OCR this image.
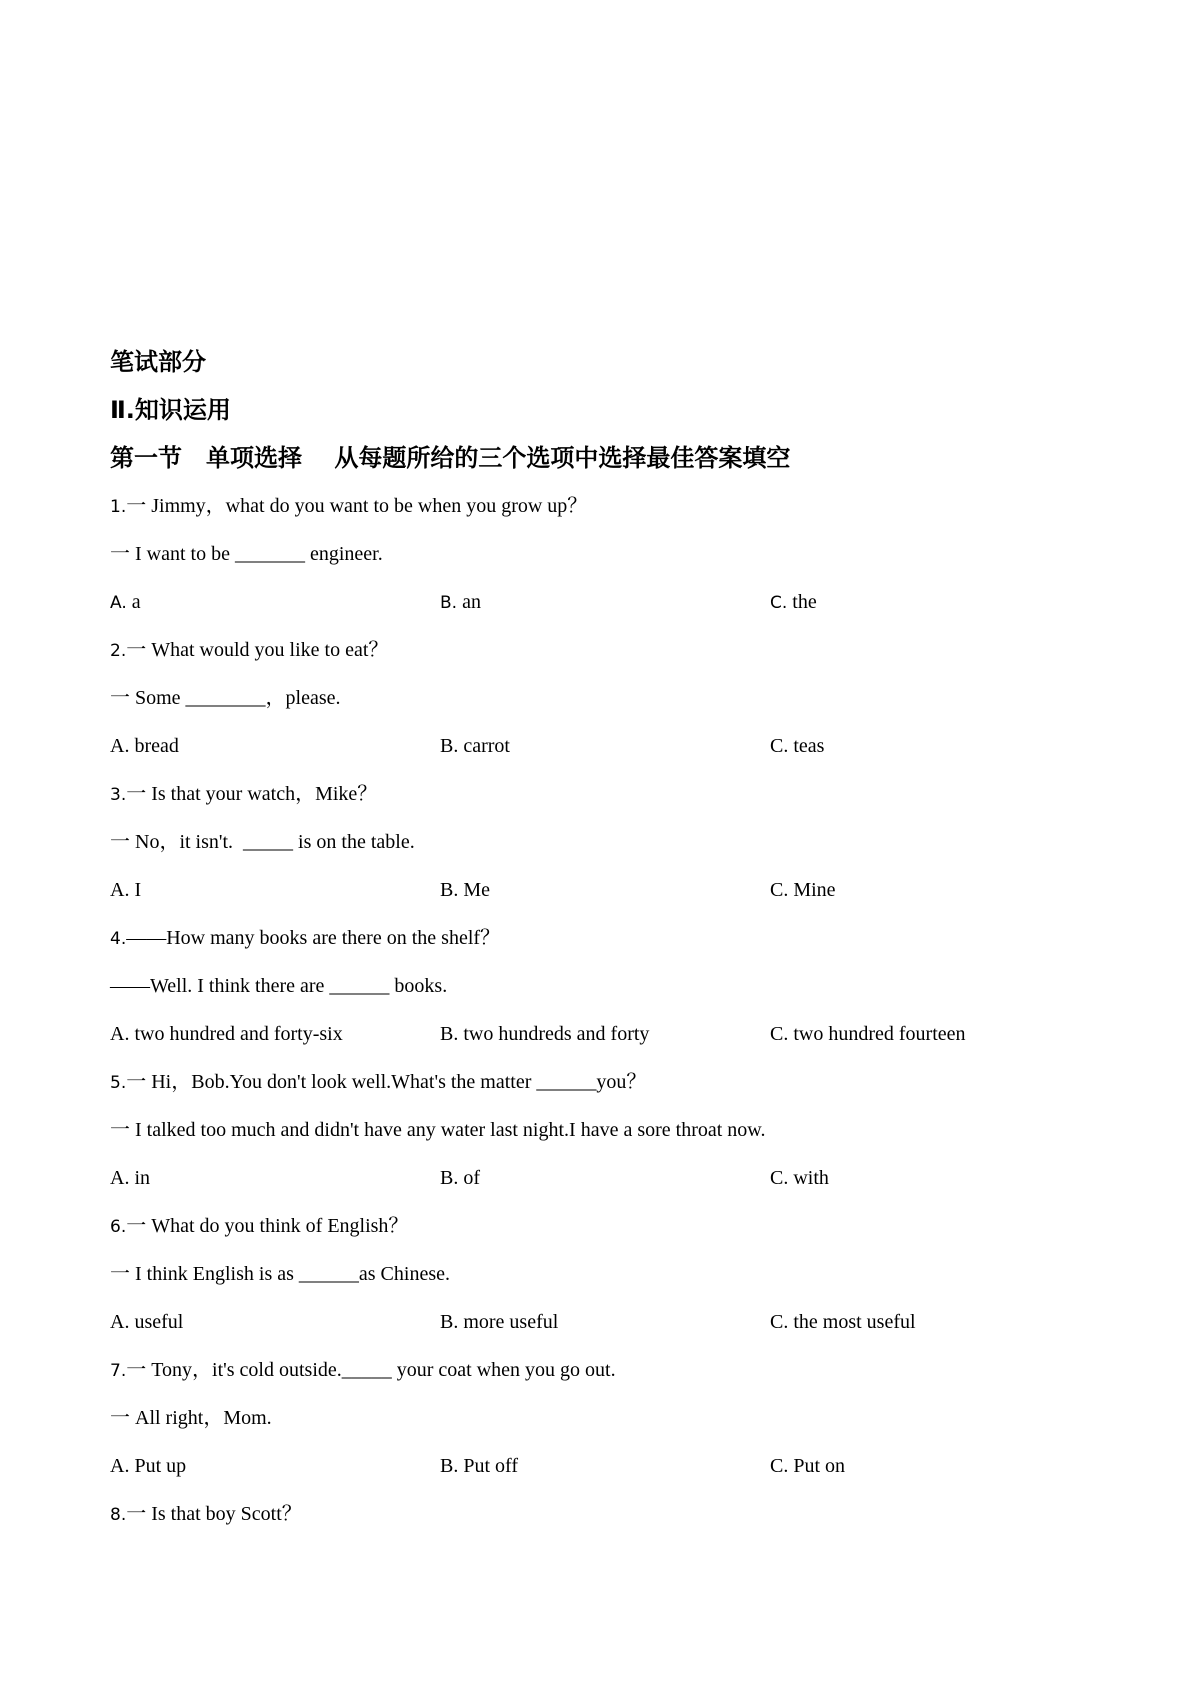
笔试部分
Ⅱ.知识运用
第一节　单项选择　 从每题所给的三个选项中选择最佳答案填空
1.一 Jimmy，what do you want to be when you grow up？
一 I want to be _______ engineer.
A. a	B. an	C. the
2.一 What would you like to eat？
一 Some ________，please.
A. bread	B. carrot	C. teas
3.一 Is that your watch，Mike？
一 No，it isn't.  _____ is on the table.
A. I	B. Me	C. Mine
4.——How many books are there on the shelf？
——Well. I think there are ______ books.
A. two hundred and forty-six	B. two hundreds and forty	C. two hundred fourteen
5.一 Hi，Bob.You don't look well.What's the matter ______you？
一 I talked too much and didn't have any water last night.I have a sore throat now.
A. in	B. of	C. with
6.一 What do you think of English？
一 I think English is as ______as Chinese.
A. useful	B. more useful	C. the most useful
7.一 Tony，it's cold outside._____ your coat when you go out.
一 All right，Mom.
A. Put up	B. Put off	C. Put on
8.一 Is that boy Scott？
